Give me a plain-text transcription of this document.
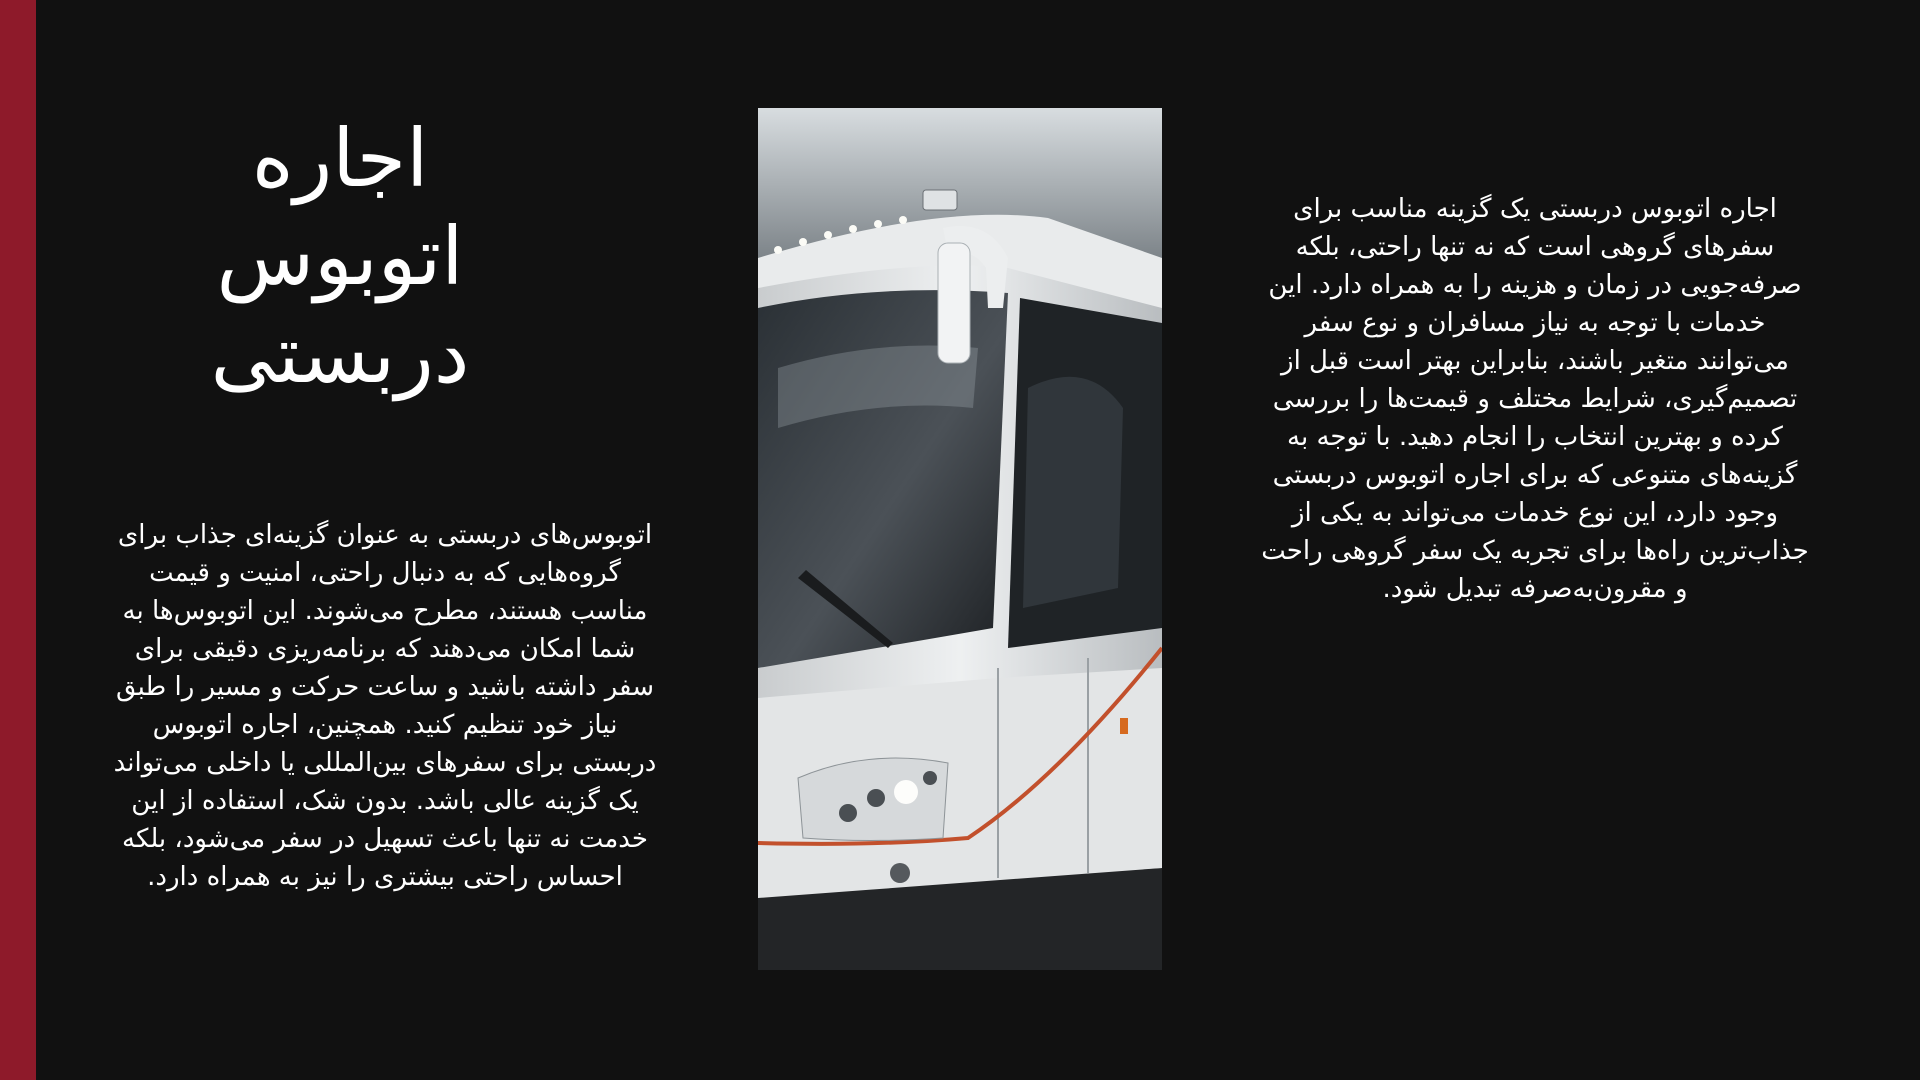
اجاره
اتوبوس
دربستی

اتوبوس‌های دربستی به عنوان گزینه‌ای جذاب برای گروه‌هایی که به دنبال راحتی، امنیت و قیمت مناسب هستند، مطرح می‌شوند. این اتوبوس‌ها به شما امکان می‌دهند که برنامه‌ریزی دقیقی برای سفر داشته باشید و ساعت حرکت و مسیر را طبق نیاز خود تنظیم کنید. همچنین، اجاره اتوبوس دربستی برای سفرهای بین‌المللی یا داخلی می‌تواند یک گزینه عالی باشد. بدون شک، استفاده از این خدمت نه تنها باعث تسهیل در سفر می‌شود، بلکه احساس راحتی بیشتری را نیز به همراه دارد.

اجاره اتوبوس دربستی یک گزینه مناسب برای سفرهای گروهی است که نه تنها راحتی، بلکه صرفه‌جویی در زمان و هزینه را به همراه دارد. این خدمات با توجه به نیاز مسافران و نوع سفر می‌توانند متغیر باشند، بنابراین بهتر است قبل از تصمیم‌گیری، شرایط مختلف و قیمت‌ها را بررسی کرده و بهترین انتخاب را انجام دهید. با توجه به گزینه‌های متنوعی که برای اجاره اتوبوس دربستی وجود دارد، این نوع خدمات می‌تواند به یکی از جذاب‌ترین راه‌ها برای تجربه یک سفر گروهی راحت و مقرون‌به‌صرفه تبدیل شود.
